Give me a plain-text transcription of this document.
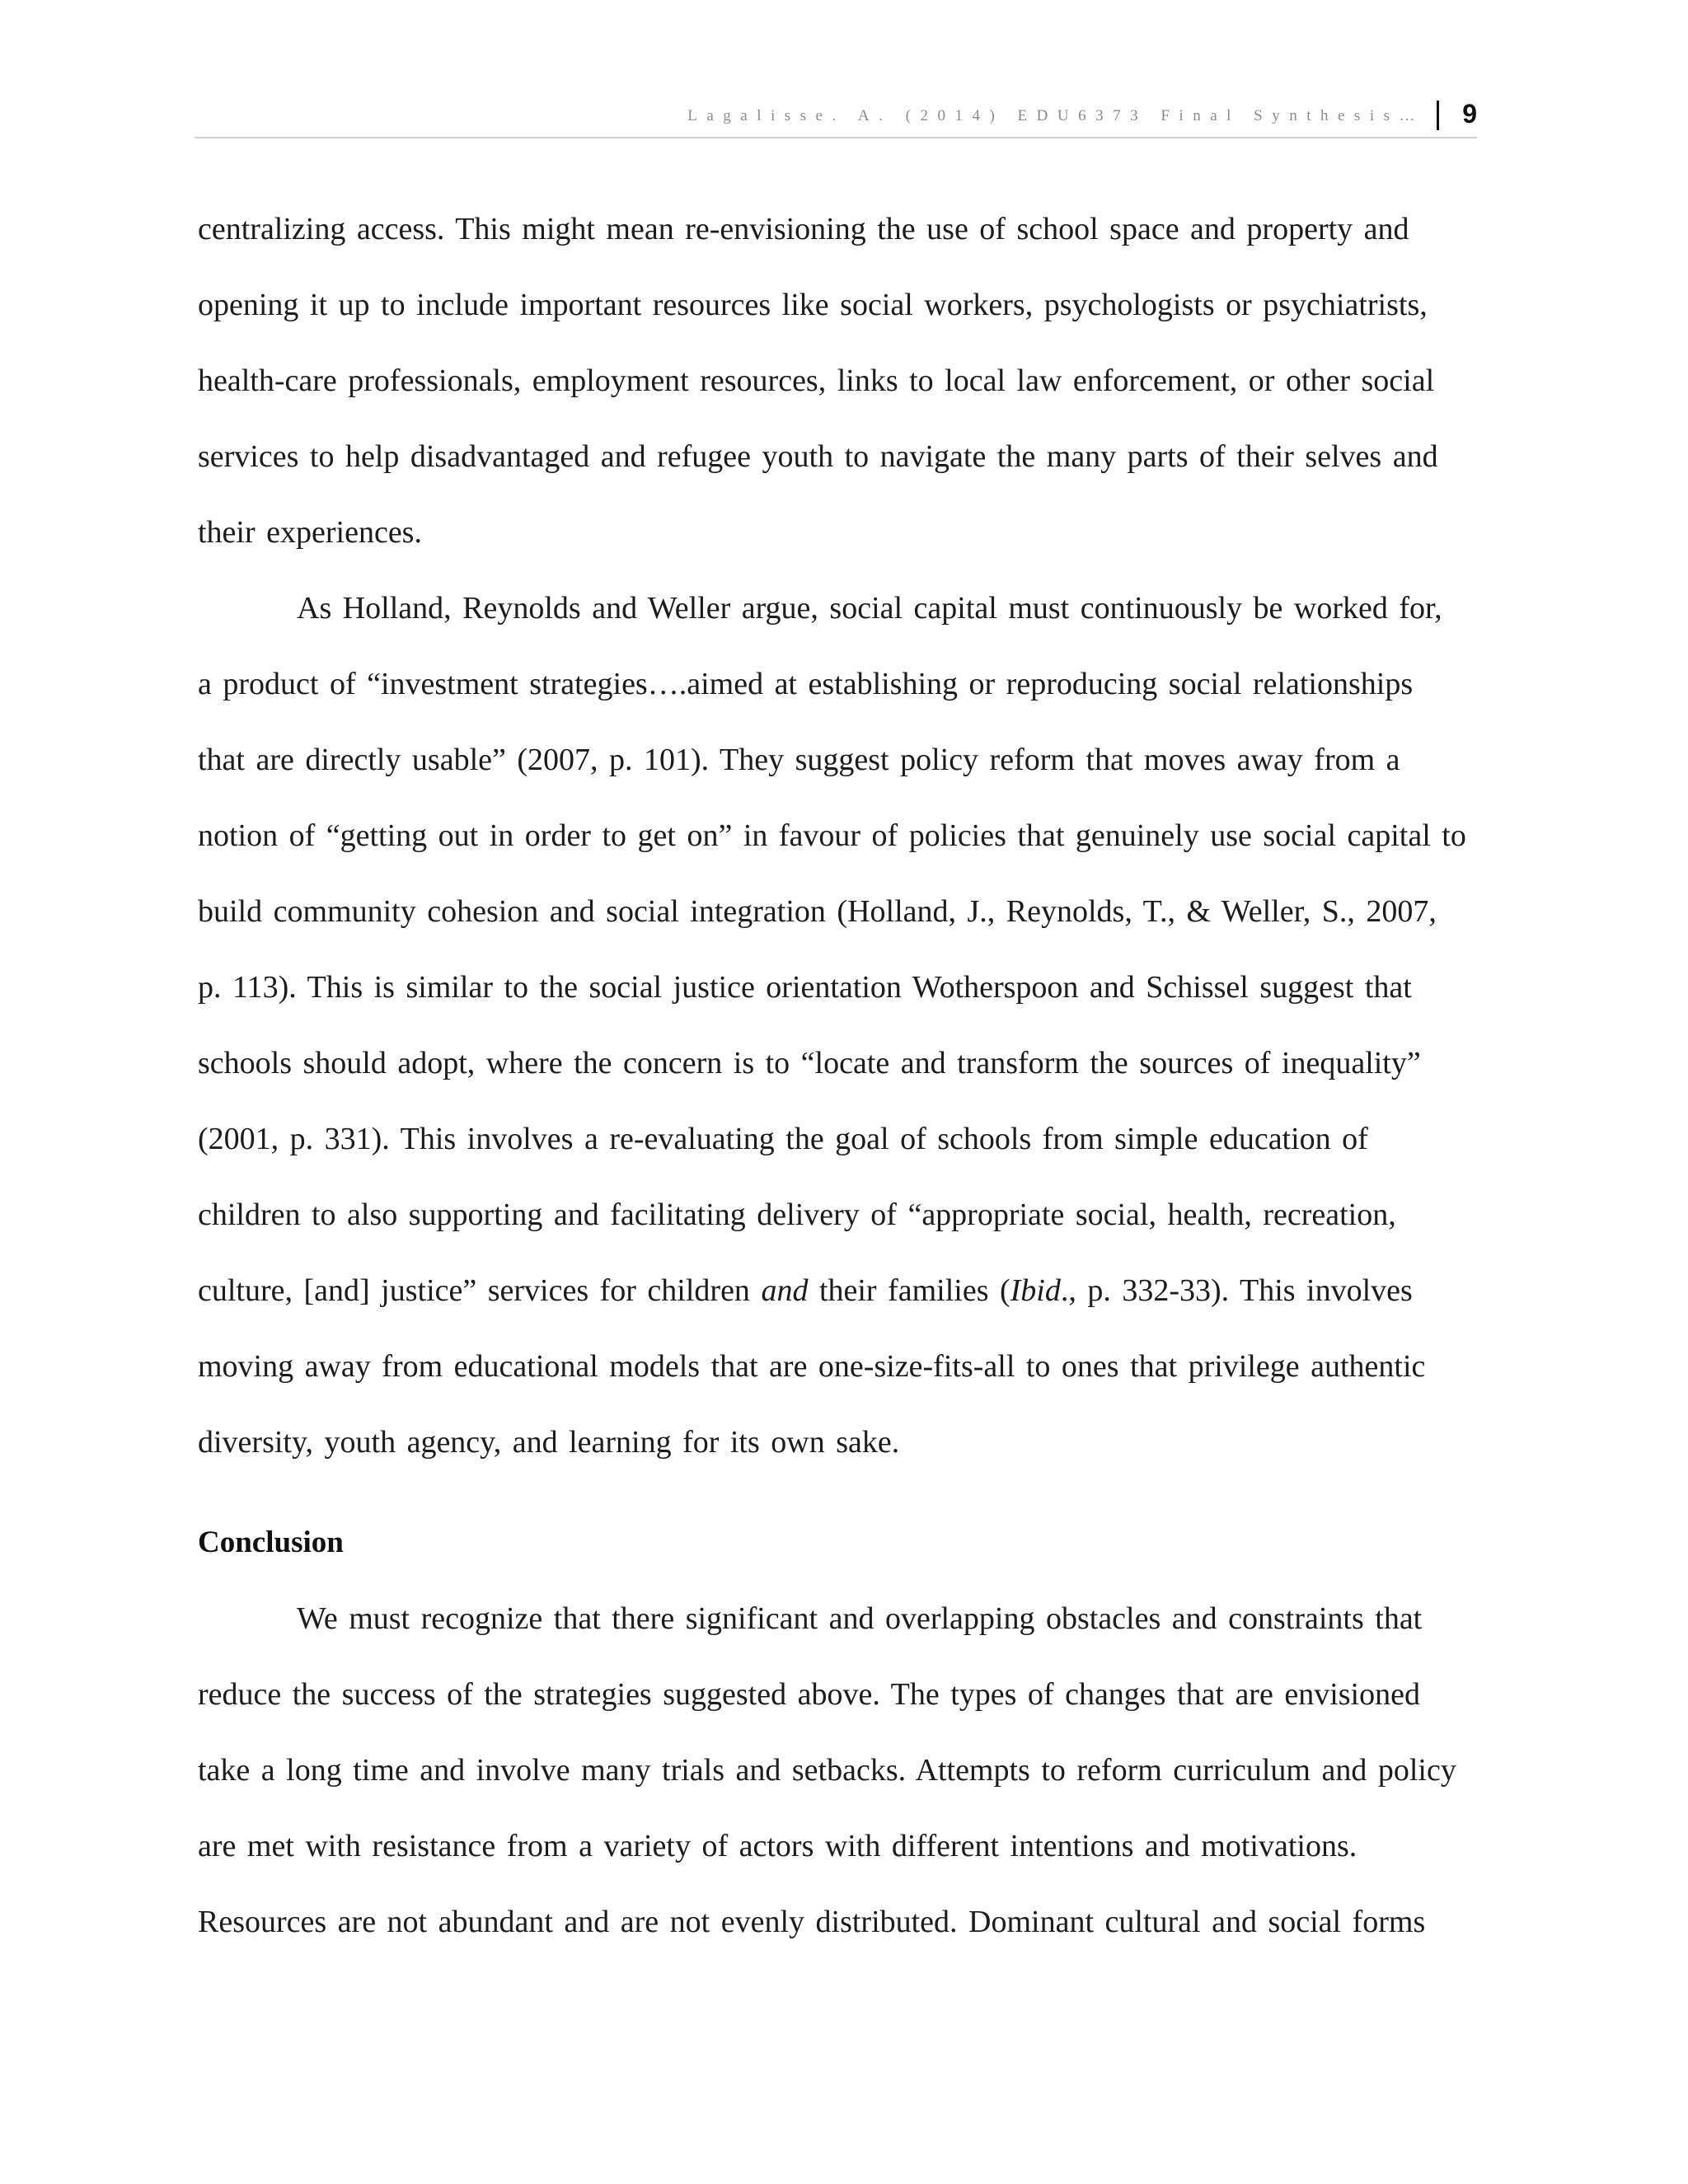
Lagalisse. A. (2014) EDU6373 Final Synthesis… 9
centralizing access. This might mean re-envisioning the use of school space and property and
opening it up to include important resources like social workers, psychologists or psychiatrists,
health-care professionals, employment resources, links to local law enforcement, or other social
services to help disadvantaged and refugee youth to navigate the many parts of their selves and
their experiences.
As Holland, Reynolds and Weller argue, social capital must continuously be worked for,
a product of “investment strategies….aimed at establishing or reproducing social relationships
that are directly usable” (2007, p. 101). They suggest policy reform that moves away from a
notion of “getting out in order to get on” in favour of policies that genuinely use social capital to
build community cohesion and social integration (Holland, J., Reynolds, T., & Weller, S., 2007,
p. 113). This is similar to the social justice orientation Wotherspoon and Schissel suggest that
schools should adopt, where the concern is to “locate and transform the sources of inequality”
(2001, p. 331). This involves a re-evaluating the goal of schools from simple education of
children to also supporting and facilitating delivery of “appropriate social, health, recreation,
culture, [and] justice” services for children and their families (Ibid., p. 332-33). This involves
moving away from educational models that are one-size-fits-all to ones that privilege authentic
diversity, youth agency, and learning for its own sake.
Conclusion
We must recognize that there significant and overlapping obstacles and constraints that
reduce the success of the strategies suggested above. The types of changes that are envisioned
take a long time and involve many trials and setbacks. Attempts to reform curriculum and policy
are met with resistance from a variety of actors with different intentions and motivations.
Resources are not abundant and are not evenly distributed. Dominant cultural and social forms
